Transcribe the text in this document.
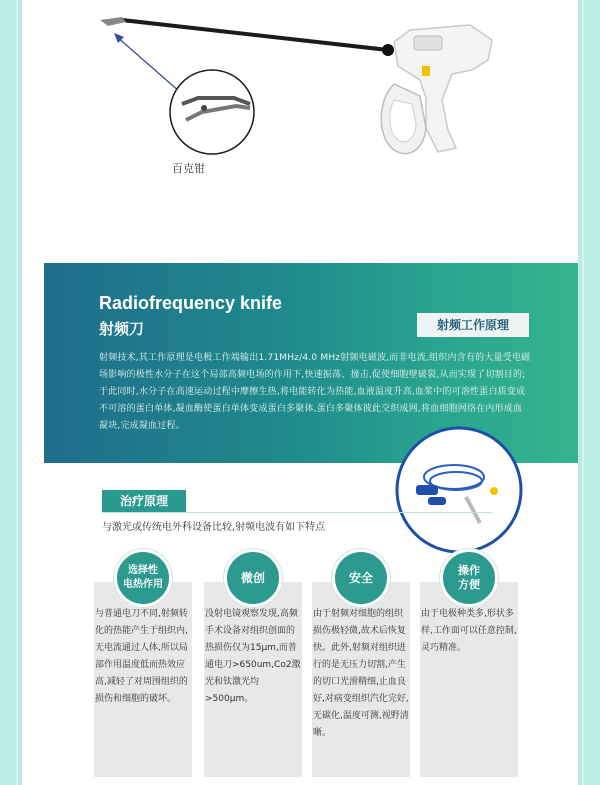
百克钳
Radiofrequency knife
射频刀	射频工作原理
射频技术,其工作原理是电极工作端输出1.71MHz/4.0 MHz射频电磁波,而非电流,组织内含有的大量受电磁场影响的极性水分子在这个局部高频电场的作用下,快速振荡、撞击,促使细胞壁破裂,从而实现了切割目的;于此同时,水分子在高速运动过程中摩擦生热,将电能转化为热能,血液温度升高,血浆中的可溶性蛋白质变成不可溶的蛋白单体,凝血酶使蛋白单体变成蛋白多聚体,蛋白多聚体彼此交织成网,将血细胞网络在内形成血凝块,完成凝血过程。
治疗原理
与激光或传统电外科设备比较,射频电波有如下特点
选择性
电热作用	微创	安全
操作
方便
与普通电刀不同,射频转化的热能产生于组织内,无电流通过人体,所以局部作用温度低而热效应高,减轻了对周围组织的损伤和细胞的破坏。
没射电镜观察发现,高频手术设备对组织创面的热损伤仅为15μm,而普通电刀>650um,Co2激光和钛激光均>500μm。
由于射频对细胞的组织损伤极轻微,故术后恢复快。此外,射频对组织进行的是无压力切割,产生的切口光滑精细,止血良好,对病变组织汽化完好,无碳化,温度可测,视野清晰。
由于电极种类多,形状多样,工作面可以任意控制,灵巧精准。
